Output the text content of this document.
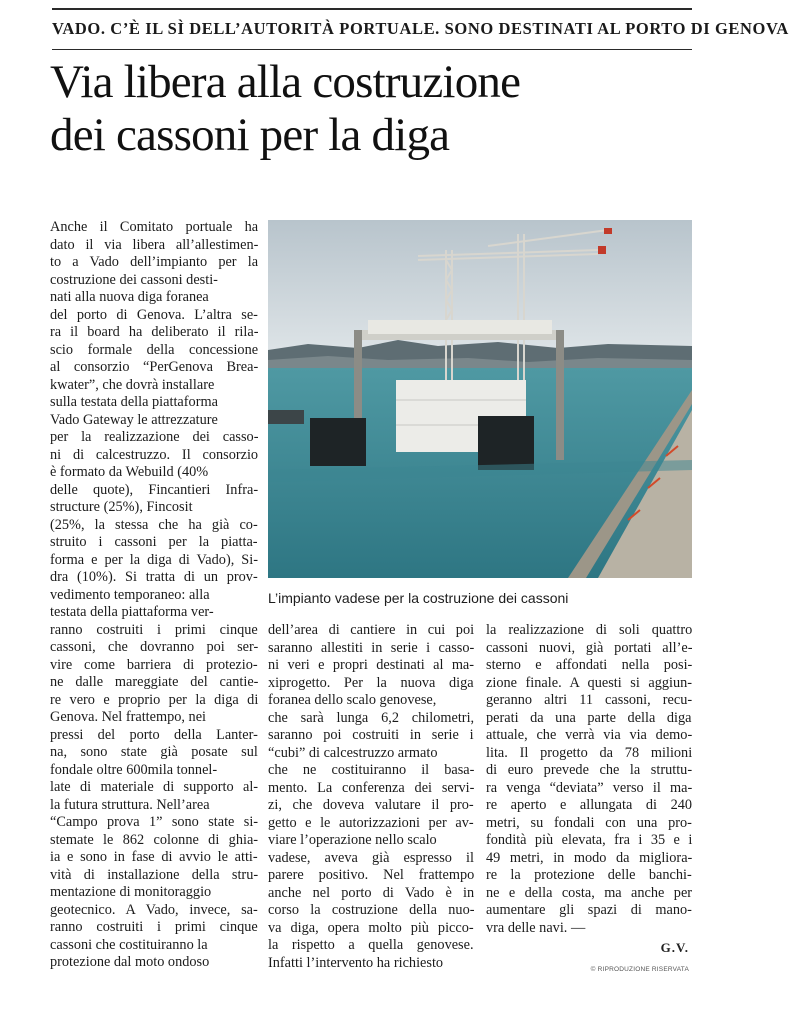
VADO. C’È IL SÌ DELL’AUTORITÀ PORTUALE. SONO DESTINATI AL PORTO DI GENOVA
Via libera alla costruzione
dei cassoni per la diga
Anche il Comitato portuale ha
dato il via libera all’allestimen-
to a Vado dell’impianto per la
costruzione dei cassoni desti-
nati alla nuova diga foranea
del porto di Genova. L’altra se-
ra il board ha deliberato il rila-
scio formale della concessione
al consorzio “PerGenova Brea-
kwater”, che dovrà installare
sulla testata della piattaforma
Vado Gateway le attrezzature
per la realizzazione dei casso-
ni di calcestruzzo. Il consorzio
è formato da Webuild (40%
delle quote), Fincantieri Infra-
structure (25%), Fincosit
(25%, la stessa che ha già co-
struito i cassoni per la piatta-
forma e per la diga di Vado), Si-
dra (10%). Si tratta di un prov-
vedimento temporaneo: alla
testata della piattaforma ver-
ranno costruiti i primi cinque
cassoni, che dovranno poi ser-
vire come barriera di protezio-
ne dalle mareggiate del cantie-
re vero e proprio per la diga di
Genova. Nel frattempo, nei
pressi del porto della Lanter-
na, sono state già posate sul
fondale oltre 600mila tonnel-
late di materiale di supporto al-
la futura struttura. Nell’area
“Campo prova 1” sono state si-
stemate le 862 colonne di ghia-
ia e sono in fase di avvio le atti-
vità di installazione della stru-
mentazione di monitoraggio
geotecnico. A Vado, invece, sa-
ranno costruiti i primi cinque
cassoni che costituiranno la
protezione dal moto ondoso
L’impianto vadese per la costruzione dei cassoni
dell’area di cantiere in cui poi
saranno allestiti in serie i casso-
ni veri e propri destinati al ma-
xiprogetto. Per la nuova diga
foranea dello scalo genovese,
che sarà lunga 6,2 chilometri,
saranno poi costruiti in serie i
“cubi” di calcestruzzo armato
che ne costituiranno il basa-
mento. La conferenza dei servi-
zi, che doveva valutare il pro-
getto e le autorizzazioni per av-
viare l’operazione nello scalo
vadese, aveva già espresso il
parere positivo. Nel frattempo
anche nel porto di Vado è in
corso la costruzione della nuo-
va diga, opera molto più picco-
la rispetto a quella genovese.
Infatti l’intervento ha richiesto
la realizzazione di soli quattro
cassoni nuovi, già portati all’e-
sterno e affondati nella posi-
zione finale. A questi si aggiun-
geranno altri 11 cassoni, recu-
perati da una parte della diga
attuale, che verrà via via demo-
lita. Il progetto da 78 milioni
di euro prevede che la struttu-
ra venga “deviata” verso il ma-
re aperto e allungata di 240
metri, su fondali con una pro-
fondità più elevata, fra i 35 e i
49 metri, in modo da migliora-
re la protezione delle banchi-
ne e della costa, ma anche per
aumentare gli spazi di mano-
vra delle navi. —
G.V.
© RIPRODUZIONE RISERVATA
